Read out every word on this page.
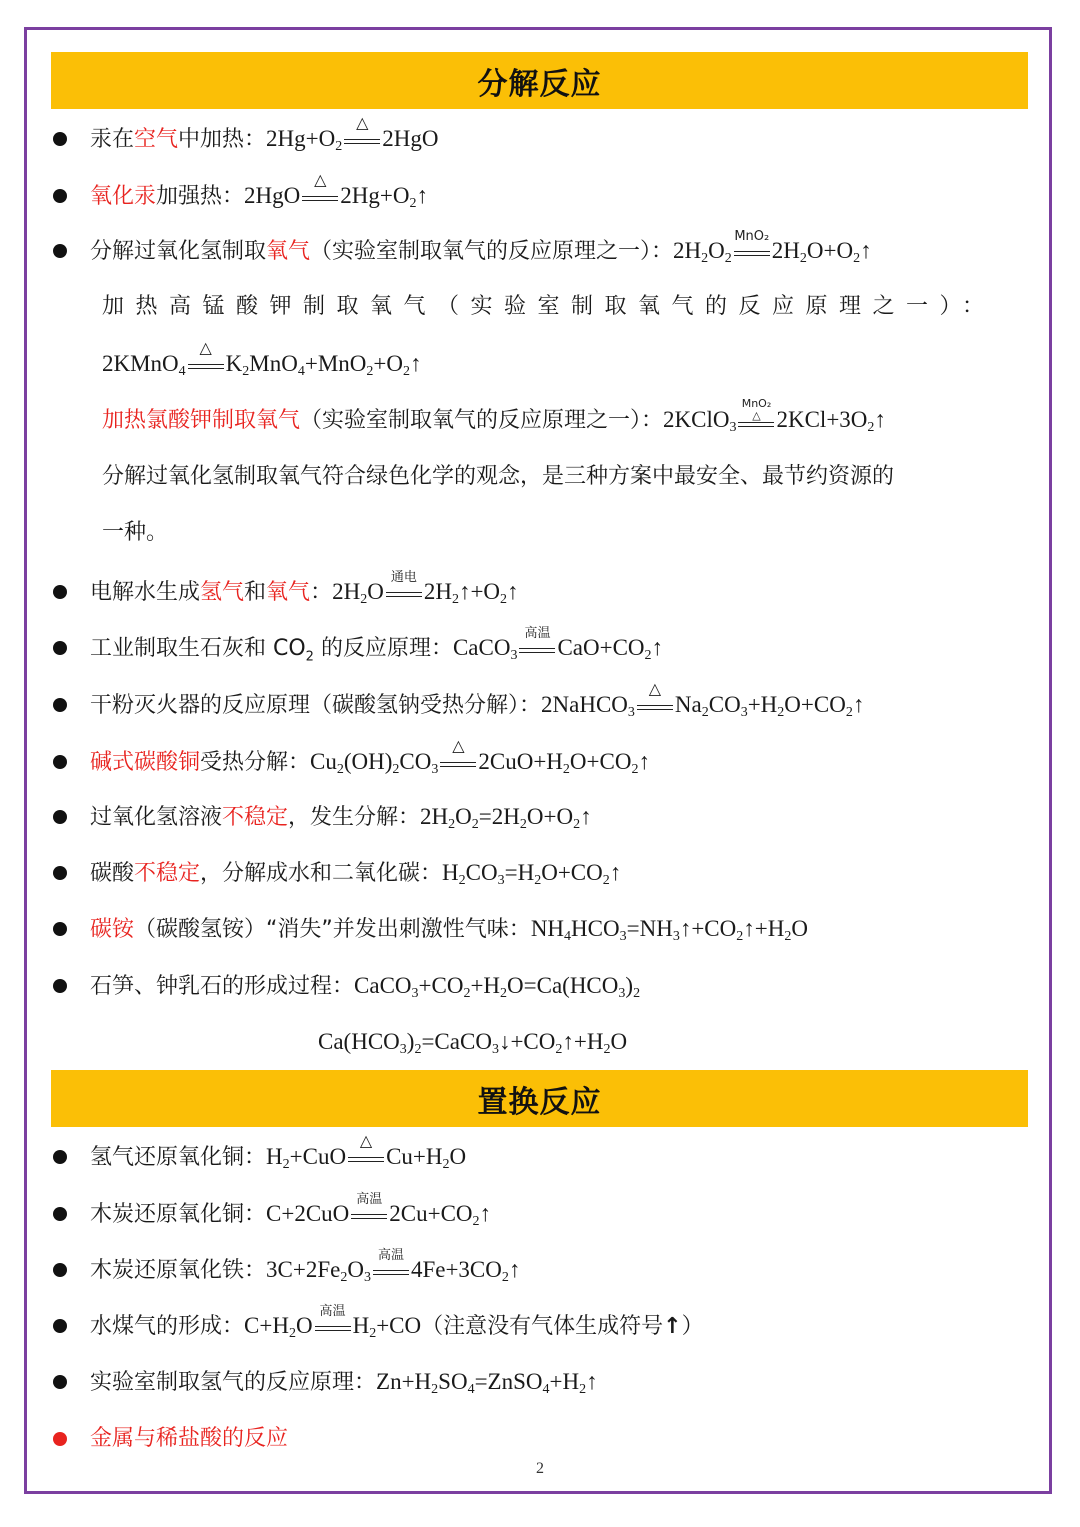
分解反应
汞在空气中加热：$2Hg+O_2$
△
2HgO
氧化汞加强热：2HgO
△
$2Hg+O_2↑$
分解过氧化氢制取氧气（实验室制取氧气的反应原理之一）：$2H_2O_2$
MnO₂
$2H_2O+O_2↑$
加热高锰酸钾制取氧气（实验室制取氧气的反应原理之一）：
2KMnO$_4$
△
$K_2MnO_4+MnO_2+O_2↑$
加热氯酸钾制取氧气（实验室制取氧气的反应原理之一）：2KClO$_3$
MnO₂
△ $2KCl+3O_2↑$
分解过氧化氢制取氧气符合绿色化学的观念，是三种方案中最安全、最节约资源的
一种。
电解水生成氢气和氧气：$2H_2O$
通电
$2H_2↑+O_2↑$
工业制取生石灰和 $CO_2$ 的反应原理：CaCO$_3$
高温
$CaO+CO_2↑$
干粉灭火器的反应原理（碳酸氢钠受热分解）：2NaHCO$_3$
△
$Na_2CO_3+H_2O+CO_2↑$
碱式碳酸铜受热分解：$Cu_2(OH)_2CO_3$
△
$2CuO+H_2O+CO_2↑$
过氧化氢溶液不稳定，发生分解：$2H_2O_2=2H_2O+O_2↑$
碳酸不稳定，分解成水和二氧化碳：$H_2CO_3=H_2O+CO_2↑$
碳铵（碳酸氢铵）“消失”并发出刺激性气味：$NH_4HCO_3=NH_3↑+CO_2↑+H_2O$
石笋、钟乳石的形成过程：$CaCO_3+CO_2+H_2O=Ca(HCO_3)_2$
$Ca(HCO_3)_2=CaCO_3↓+CO_2↑+H_2O$
置换反应
氢气还原氧化铜：$H_2+CuO$
△
$Cu+H_2O$
木炭还原氧化铜：C+2CuO
高温
$2Cu+CO_2↑$
木炭还原氧化铁：$3C+2Fe_2O_3$
高温
$4Fe+3CO_2↑$
水煤气的形成：$C+H_2O$
高温
$H_2+CO$（注意没有气体生成符号↑）
实验室制取氢气的反应原理：$Zn+H_2SO_4=ZnSO_4+H_2↑$
金属与稀盐酸的反应
2
